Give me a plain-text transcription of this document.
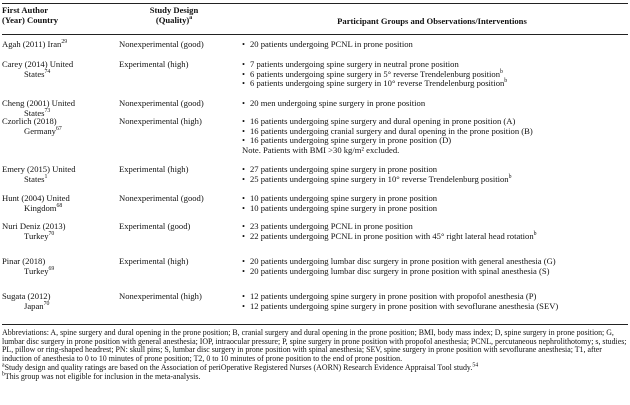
First Author
(Year) Country
Study Design
(Quality)$^a$	Participant Groups and Observations/Interventions
Agah (2011) Iran$^{29}$	Nonexperimental (good)	• 20 patients undergoing PCNL in prone position
Carey (2014) United
States$^{74}$
Experimental (high)	• 7 patients undergoing spine surgery in neutral prone position
• 6 patients undergoing spine surgery in 5° reverse Trendelenburg position$^b$
• 6 patients undergoing spine surgery in 10° reverse Trendelenburg position$^b$
Cheng (2001) United
States$^{73}$
Nonexperimental (good)	• 20 men undergoing spine surgery in prone position
Czorlich (2018)
Germany$^{67}$
Nonexperimental (high)	• 16 patients undergoing spine surgery and dural opening in prone position (A)
• 16 patients undergoing cranial surgery and dural opening in the prone position (B)
• 16 patients undergoing spine surgery in prone position (D)
Note. Patients with BMI >30 kg/m² excluded.
Emery (2015) United
States$^1$
Experimental (high)	• 27 patients undergoing spine surgery in prone position
• 25 patients undergoing spine surgery in 10° reverse Trendelenburg position$^b$
Hunt (2004) United
Kingdom$^{68}$
Nonexperimental (good)	• 10 patients undergoing spine surgery in prone position
• 10 patients undergoing spine surgery in prone position
Nuri Deniz (2013)
Turkey$^{70}$
Experimental (good)	• 23 patients undergoing PCNL in prone position
• 22 patients undergoing PCNL in prone position with 45° right lateral head rotation$^b$
Pinar (2018)
Turkey$^{69}$
Experimental (high)	• 20 patients undergoing lumbar disc surgery in prone position with general anesthesia (G)
• 20 patients undergoing lumbar disc surgery in prone position with spinal anesthesia (S)
Sugata (2012)
Japan$^{70}$
Nonexperimental (high)	• 12 patients undergoing spine surgery in prone position with propofol anesthesia (P)
• 12 patients undergoing spine surgery in prone position with sevoflurane anesthesia (SEV)
Abbreviations: A, spine surgery and dural opening in the prone position; B, cranial surgery and dural opening in the prone position; BMI, body mass index; D, spine surgery in prone position; G, lumbar disc surgery in prone position with general anesthesia; IOP, intraocular pressure; P, spine surgery in prone position with propofol anesthesia; PCNL, percutaneous nephrolithotomy; s, studies; PL, pillow or ring-shaped headrest; PN: skull pins; S, lumbar disc surgery in prone position with spinal anesthesia; SEV, spine surgery in prone position with sevoflurane anesthesia; T1, after induction of anesthesia to 0 to 10 minutes of prone position; T2, 0 to 10 minutes of prone position to the end of prone position.
$^a$Study design and quality ratings are based on the Association of periOperative Registered Nurses (AORN) Research Evidence Appraisal Tool study.$^{54}$
$^b$This group was not eligible for inclusion in the meta-analysis.
